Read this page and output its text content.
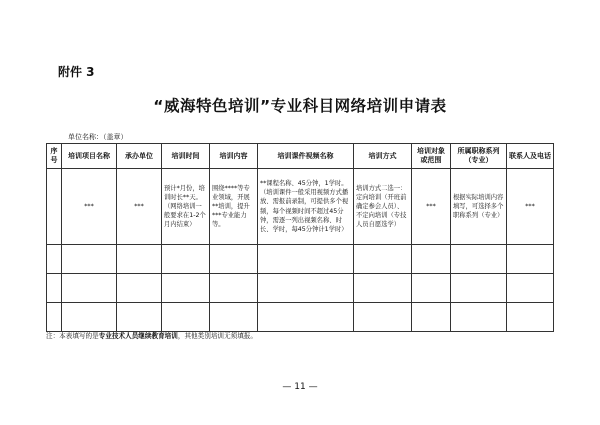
附件 3
“威海特色培训”专业科目网络培训申请表
单位名称：（盖章）
序号	培训项目名称	承办单位	培训时间	培训内容	培训课件视频名称	培训方式	培训对象或范围	所属职称系列（专业）	联系人及电话
	***	***	预计*月份，培训时长**天。（网络培训一般要求在1-2个月内结束）	围绕****等专业领域，开展**培训，提升***专业能力等。	**课程名称、45分钟，1学时。（培训课件一般采用视频方式播放、需报前录制，可提供多个视频，每个视频时间不超过45分钟，需逐一列出视频名称、时长、学时，每45分钟计1学时）	培训方式二选一：定向培训（开班前确定参会人员）、不定向培训（专技人员自愿选学）	***	根据实际培训内容填写，可选择多个职称系列（专业）	***

注：本表填写的是专业技术人员继续教育培训，其他类别培训无须填报。
— 11 —
